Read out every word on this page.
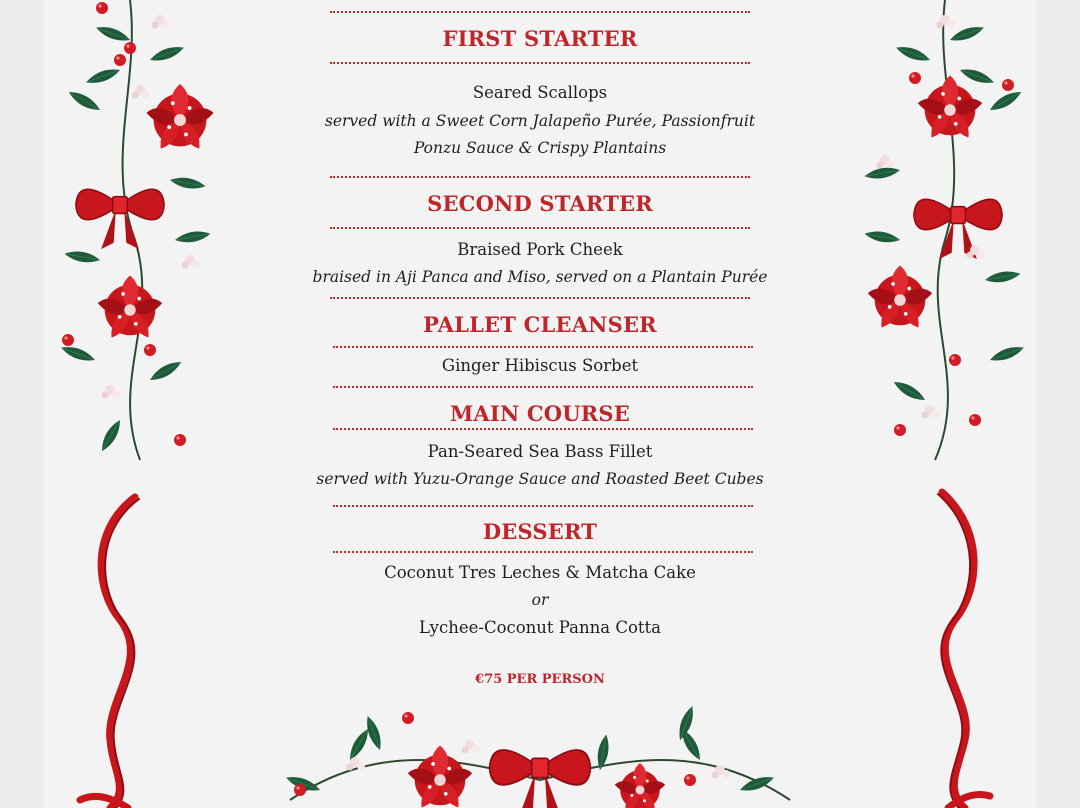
FIRST STARTER
Seared Scallops
served with a Sweet Corn Jalapeño Purée, Passionfruit
Ponzu Sauce & Crispy Plantains
SECOND STARTER
Braised Pork Cheek
braised in Aji Panca and Miso, served on a Plantain Purée
PALLET CLEANSER
Ginger Hibiscus Sorbet
MAIN COURSE
Pan-Seared Sea Bass Fillet
served with Yuzu-Orange Sauce and Roasted Beet Cubes
DESSERT
Coconut Tres Leches & Matcha Cake
or
Lychee-Coconut Panna Cotta
€75 PER PERSON
